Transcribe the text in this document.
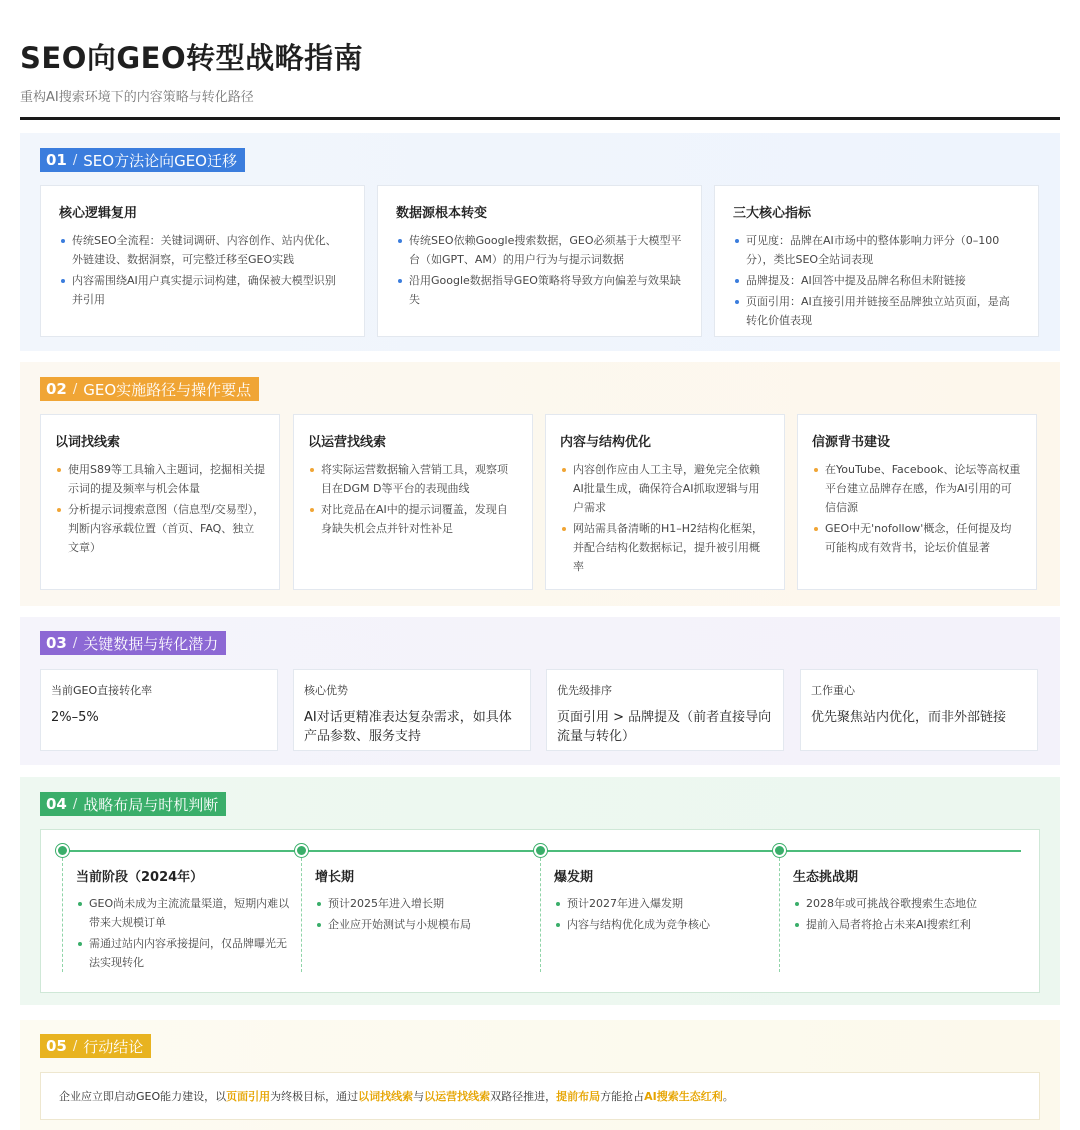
SEO向GEO转型战略指南
重构AI搜索环境下的内容策略与转化路径
01 / SEO方法论向GEO迁移
核心逻辑复用
传统SEO全流程：关键词调研、内容创作、站内优化、外链建设、数据洞察，可完整迁移至GEO实践
内容需围绕AI用户真实提示词构建，确保被大模型识别并引用
数据源根本转变
传统SEO依赖Google搜索数据，GEO必须基于大模型平台（如GPT、AM）的用户行为与提示词数据
沿用Google数据指导GEO策略将导致方向偏差与效果缺失
三大核心指标
可见度：品牌在AI市场中的整体影响力评分（0–100分），类比SEO全站词表现
品牌提及：AI回答中提及品牌名称但未附链接
页面引用：AI直接引用并链接至品牌独立站页面，是高转化价值表现
02 / GEO实施路径与操作要点
以词找线索
使用S89等工具输入主题词，挖掘相关提示词的提及频率与机会体量
分析提示词搜索意图（信息型/交易型），判断内容承载位置（首页、FAQ、独立文章）
以运营找线索
将实际运营数据输入营销工具，观察项目在DGM D等平台的表现曲线
对比竞品在AI中的提示词覆盖，发现自身缺失机会点并针对性补足
内容与结构优化
内容创作应由人工主导，避免完全依赖AI批量生成，确保符合AI抓取逻辑与用户需求
网站需具备清晰的H1–H2结构化框架，并配合结构化数据标记，提升被引用概率
信源背书建设
在YouTube、Facebook、论坛等高权重平台建立品牌存在感，作为AI引用的可信信源
GEO中无'nofollow'概念，任何提及均可能构成有效背书，论坛价值显著
03 / 关键数据与转化潜力
当前GEO直接转化率
2%–5%
核心优势
AI对话更精准表达复杂需求，如具体产品参数、服务支持
优先级排序
页面引用 > 品牌提及（前者直接导向流量与转化）
工作重心
优先聚焦站内优化，而非外部链接
04 / 战略布局与时机判断
当前阶段（2024年）
GEO尚未成为主流流量渠道，短期内难以带来大规模订单
需通过站内内容承接提问，仅品牌曝光无法实现转化
增长期
预计2025年进入增长期
企业应开始测试与小规模布局
爆发期
预计2027年进入爆发期
内容与结构优化成为竞争核心
生态挑战期
2028年或可挑战谷歌搜索生态地位
提前入局者将抢占未来AI搜索红利
05 / 行动结论
企业应立即启动GEO能力建设，以 页面引用 为终极目标，通过 以词找线索 与 以运营找线索 双路径推进， 提前布局 方能抢占 AI搜索生态红利 。
